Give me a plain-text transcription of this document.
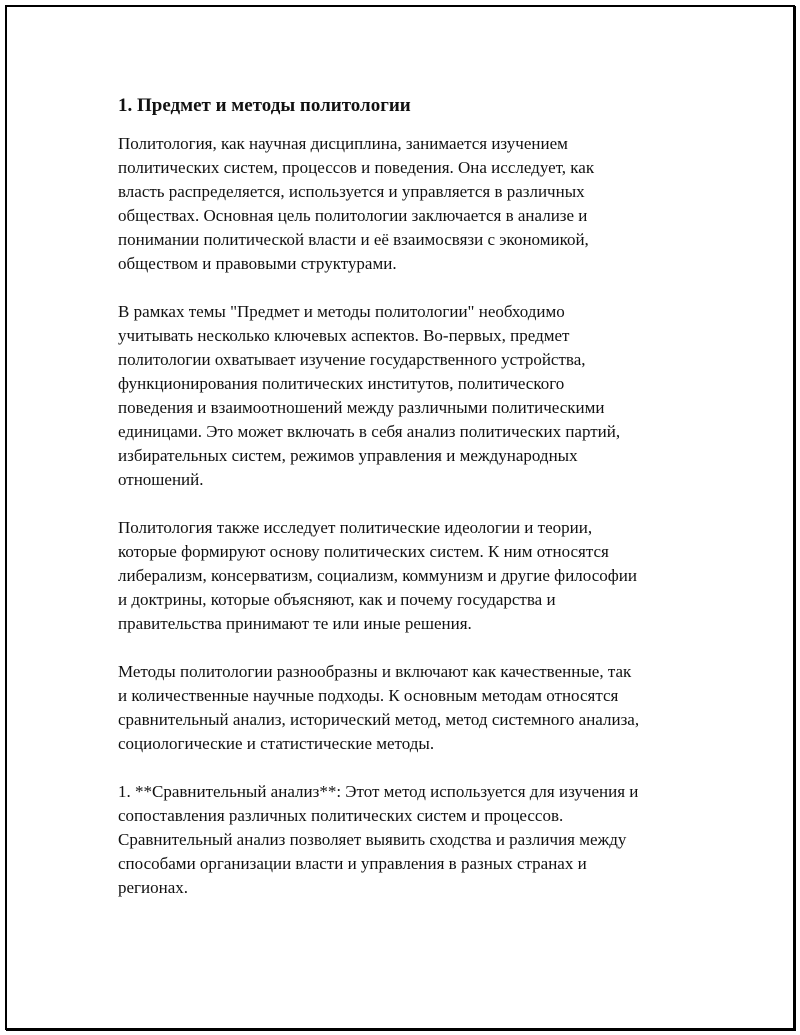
1. Предмет и методы политологии
Политология, как научная дисциплина, занимается изучением
политических систем, процессов и поведения. Она исследует, как
власть распределяется, используется и управляется в различных
обществах. Основная цель политологии заключается в анализе и
понимании политической власти и её взаимосвязи с экономикой,
обществом и правовыми структурами.
В рамках темы "Предмет и методы политологии" необходимо
учитывать несколько ключевых аспектов. Во-первых, предмет
политологии охватывает изучение государственного устройства,
функционирования политических институтов, политического
поведения и взаимоотношений между различными политическими
единицами. Это может включать в себя анализ политических партий,
избирательных систем, режимов управления и международных
отношений.
Политология также исследует политические идеологии и теории,
которые формируют основу политических систем. К ним относятся
либерализм, консерватизм, социализм, коммунизм и другие философии
и доктрины, которые объясняют, как и почему государства и
правительства принимают те или иные решения.
Методы политологии разнообразны и включают как качественные, так
и количественные научные подходы. К основным методам относятся
сравнительный анализ, исторический метод, метод системного анализа,
социологические и статистические методы.
1. **Сравнительный анализ**: Этот метод используется для изучения и
сопоставления различных политических систем и процессов.
Сравнительный анализ позволяет выявить сходства и различия между
способами организации власти и управления в разных странах и
регионах.
